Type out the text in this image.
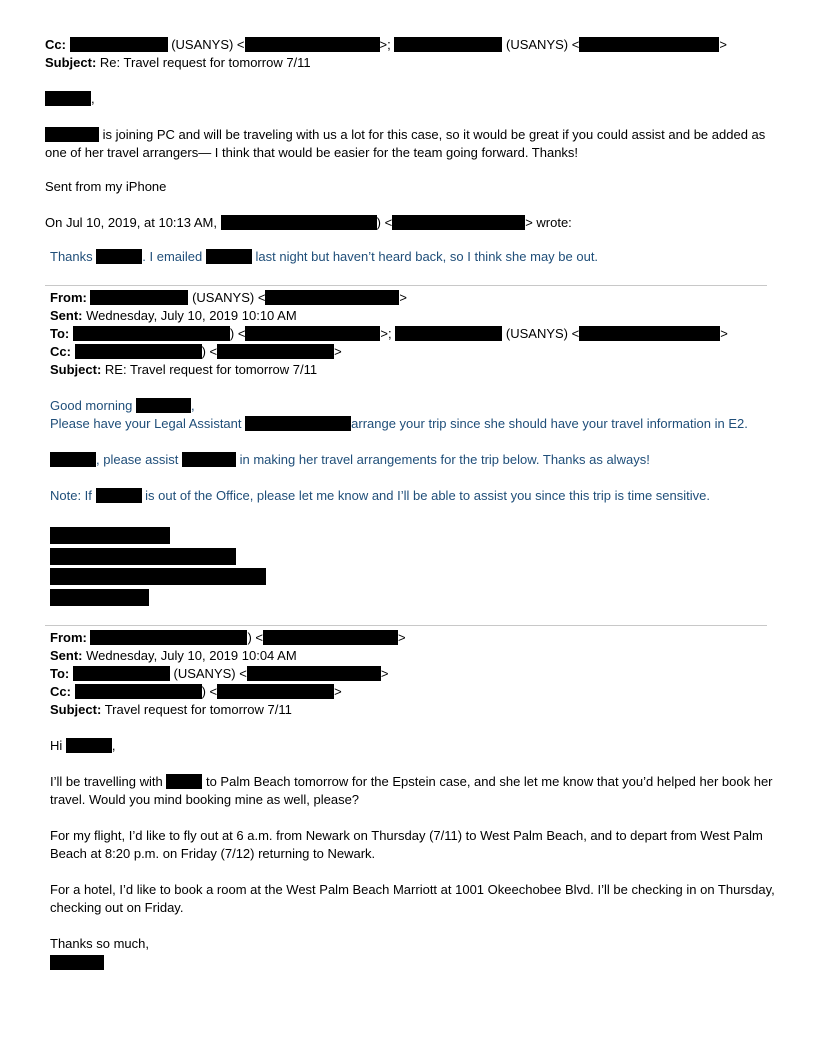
Cc:	(USANYS) <	>;	(USANYS) <	>
Subject: Re: Travel request for tomorrow 7/11
,
is joining PC and will be traveling with us a lot for this case, so it would be great if you could assist and be added as one of her travel arrangers— I think that would be easier for the team going forward. Thanks!
Sent from my iPhone
On Jul 10, 2019, at 10:13 AM,	) <	> wrote:
Thanks	. I emailed	last night but haven’t heard back, so I think she may be out.
From:	(USANYS) <	>
Sent: Wednesday, July 10, 2019 10:10 AM
To:	) <	>;	(USANYS) <	>
Cc:	) <	>
Subject: RE: Travel request for tomorrow 7/11
Good morning	,
Please have your Legal Assistant	arrange your trip since she should have your travel information in E2.
, please assist	in making her travel arrangements for the trip below. Thanks as always!
Note: If	is out of the Office, please let me know and I’ll be able to assist you since this trip is time sensitive.
From:	) <	>
Sent: Wednesday, July 10, 2019 10:04 AM
To:	(USANYS) <	>
Cc:	) <	>
Subject: Travel request for tomorrow 7/11
Hi	,
I’ll be travelling with	to Palm Beach tomorrow for the Epstein case, and she let me know that you’d helped her book her travel. Would you mind booking mine as well, please?
For my flight, I’d like to fly out at 6 a.m. from Newark on Thursday (7/11) to West Palm Beach, and to depart from West Palm Beach at 8:20 p.m. on Friday (7/12) returning to Newark.
For a hotel, I’d like to book a room at the West Palm Beach Marriott at 1001 Okeechobee Blvd. I’ll be checking in on Thursday, checking out on Friday.
Thanks so much,
